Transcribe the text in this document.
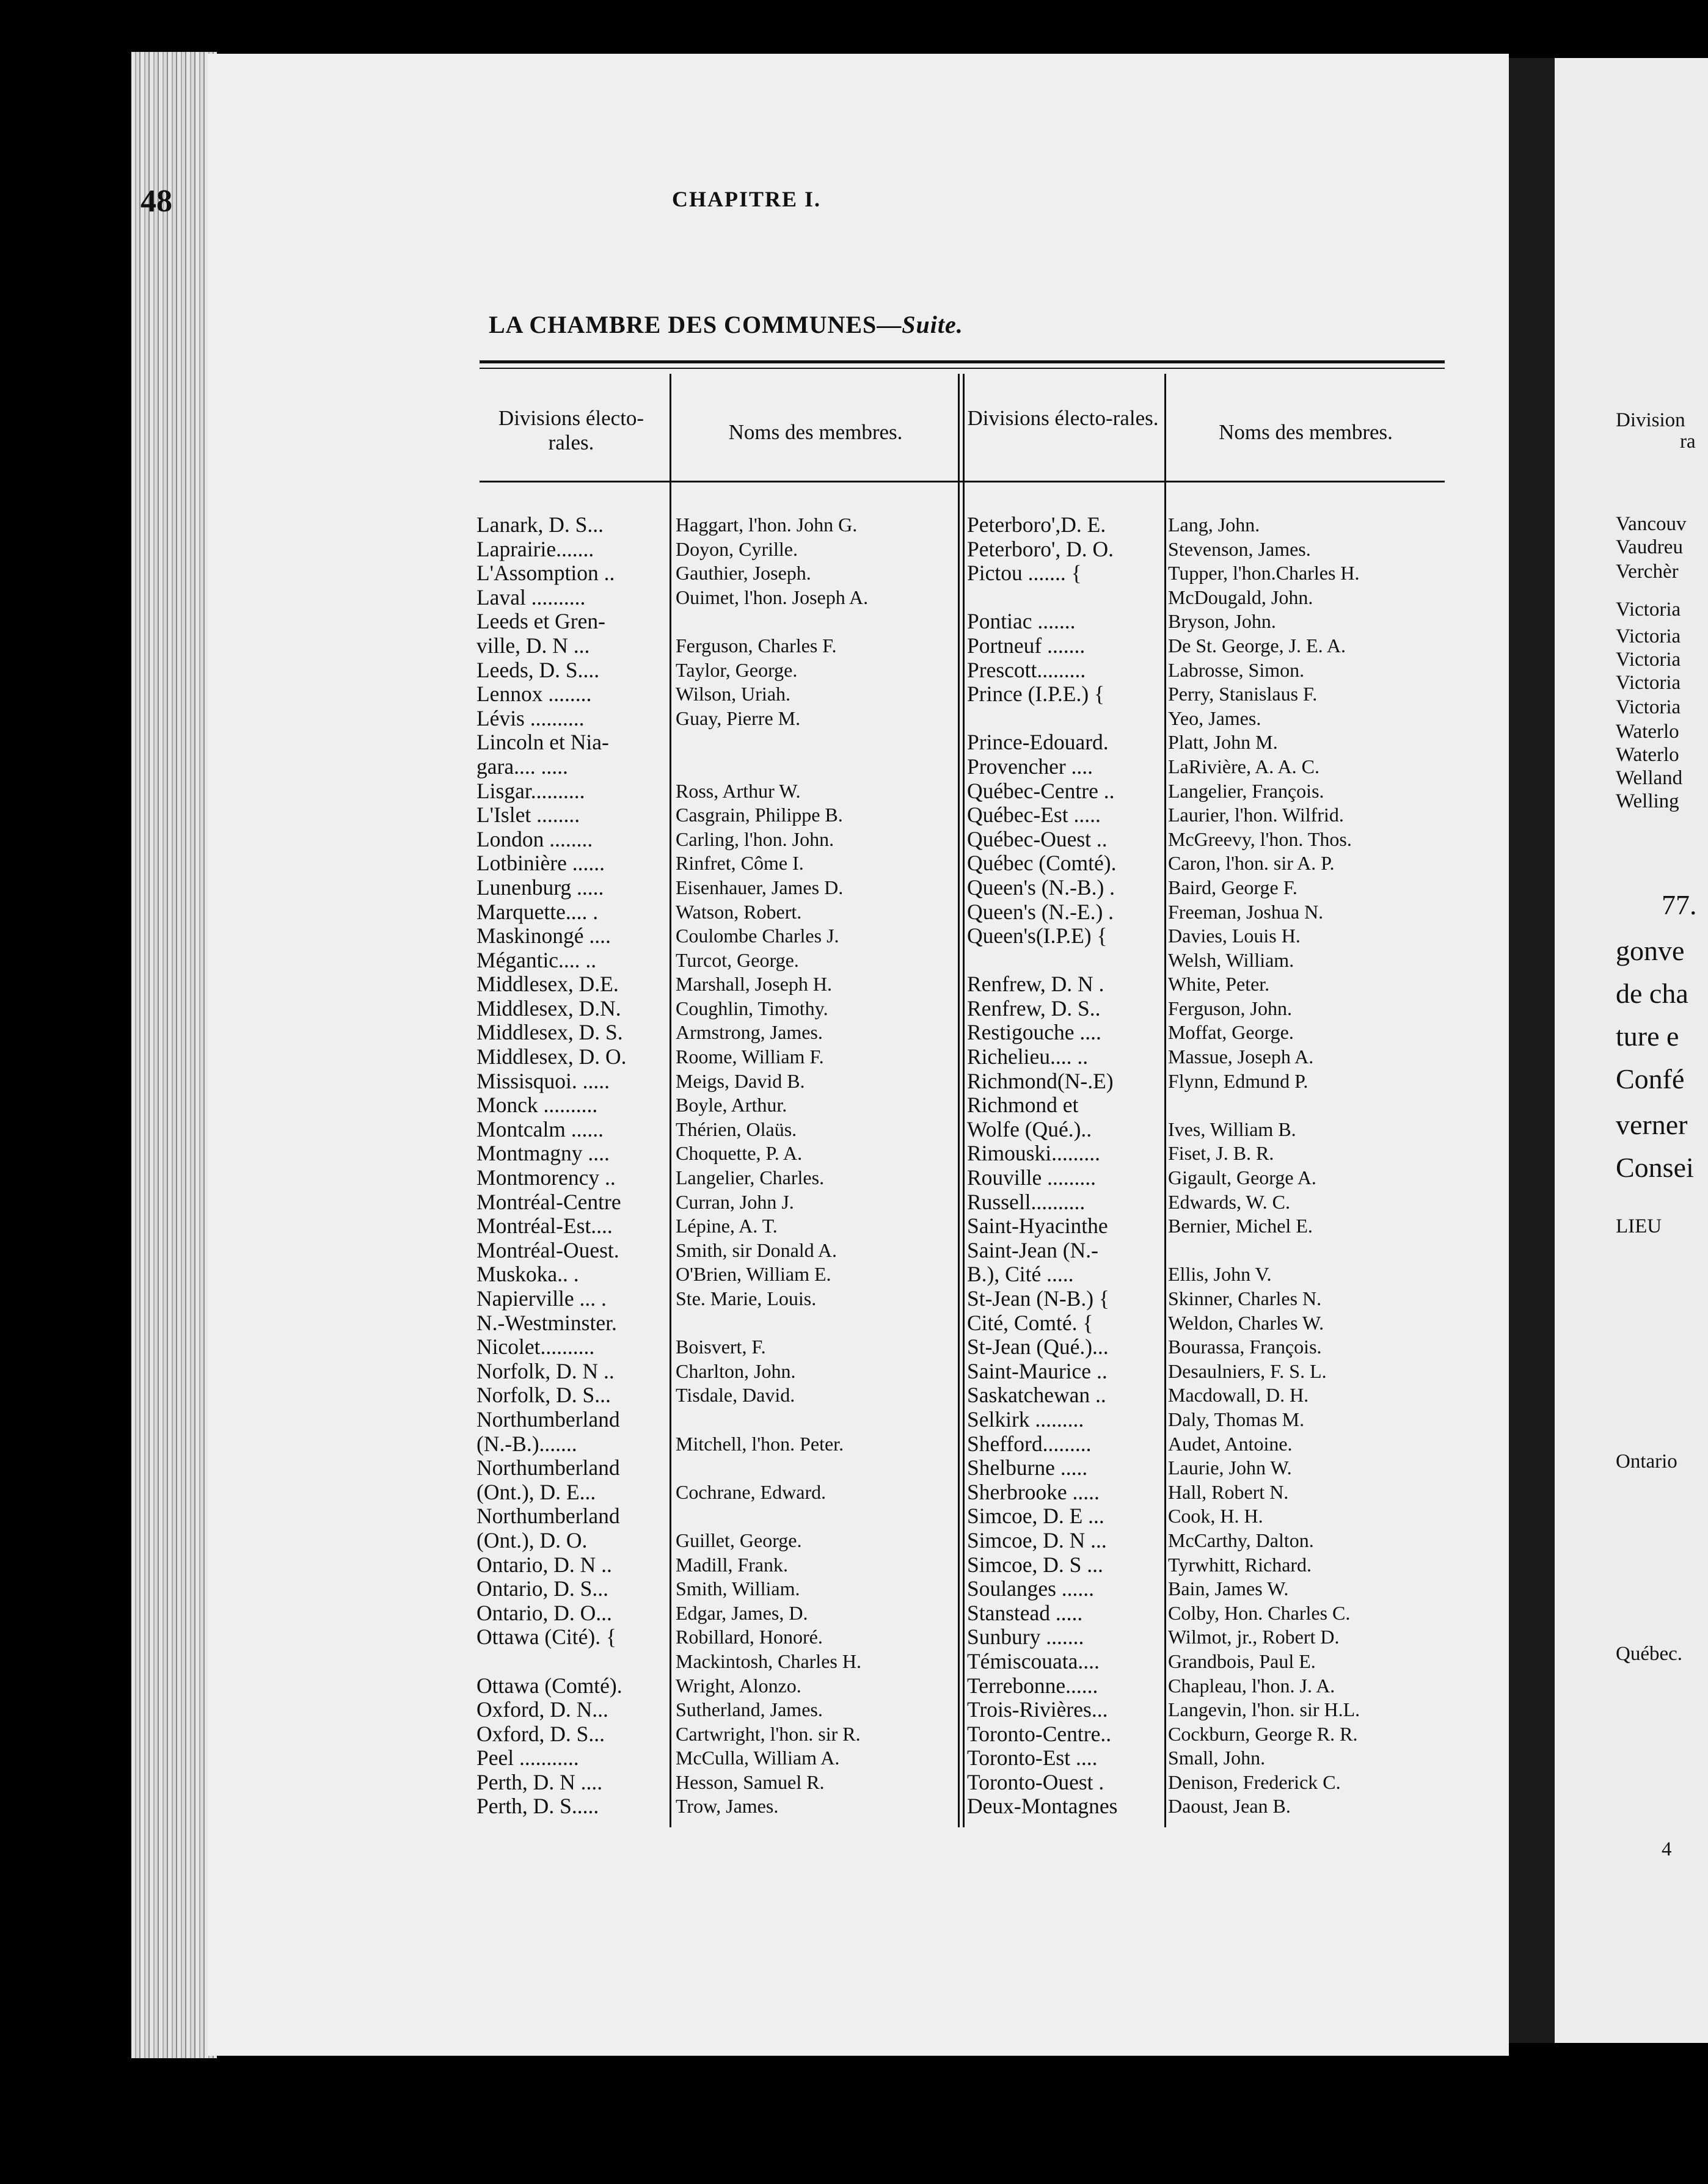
48	CHAPITRE I.
LA CHAMBRE DES COMMUNES—Suite.
Divisions électo-rales.	Noms des membres.
Divisions électo-rales.
Noms des membres.
Lanark, D. S...
Laprairie.......
L'Assomption ..
Laval ..........
Leeds et Gren-
ville, D. N ...
Leeds, D. S....
Lennox ........
Lévis ..........
Lincoln et Nia-
gara.... .....
Lisgar..........
L'Islet ........
London ........
Lotbinière ......
Lunenburg .....
Marquette.... .
Maskinongé ....
Mégantic.... ..
Middlesex, D.E.
Middlesex, D.N.
Middlesex, D. S.
Middlesex, D. O.
Missisquoi. .....
Monck ..........
Montcalm ......
Montmagny ....
Montmorency ..
Montréal-Centre
Montréal-Est....
Montréal-Ouest.
Muskoka.. .
Napierville ... .
N.-Westminster.
Nicolet..........
Norfolk, D. N ..
Norfolk, D. S...
Northumberland
(N.-B.).......
Northumberland
(Ont.), D. E...
Northumberland
(Ont.), D. O.
Ontario, D. N ..
Ontario, D. S...
Ontario, D. O...
Ottawa (Cité). {
Ottawa (Comté).
Oxford, D. N...
Oxford, D. S...
Peel ...........
Perth, D. N ....
Perth, D. S.....
Haggart, l'hon. John G.
Doyon, Cyrille.
Gauthier, Joseph.
Ouimet, l'hon. Joseph A.
Ferguson, Charles F.
Taylor, George.
Wilson, Uriah.
Guay, Pierre M.
Ross, Arthur W.
Casgrain, Philippe B.
Carling, l'hon. John.
Rinfret, Côme I.
Eisenhauer, James D.
Watson, Robert.
Coulombe Charles J.
Turcot, George.
Marshall, Joseph H.
Coughlin, Timothy.
Armstrong, James.
Roome, William F.
Meigs, David B.
Boyle, Arthur.
Thérien, Olaüs.
Choquette, P. A.
Langelier, Charles.
Curran, John J.
Lépine, A. T.
Smith, sir Donald A.
O'Brien, William E.
Ste. Marie, Louis.
Boisvert, F.
Charlton, John.
Tisdale, David.
Mitchell, l'hon. Peter.
Cochrane, Edward.
Guillet, George.
Madill, Frank.
Smith, William.
Edgar, James, D.
Robillard, Honoré.
Mackintosh, Charles H.
Wright, Alonzo.
Sutherland, James.
Cartwright, l'hon. sir R.
McCulla, William A.
Hesson, Samuel R.
Trow, James.
Peterboro',D. E.
Peterboro', D. O.
Pictou ....... {
Pontiac .......
Portneuf .......
Prescott.........
Prince (I.P.E.) {
Prince-Edouard.
Provencher ....
Québec-Centre ..
Québec-Est .....
Québec-Ouest ..
Québec (Comté).
Queen's (N.-B.) .
Queen's (N.-E.) .
Queen's(I.P.E) {
Renfrew, D. N .
Renfrew, D. S..
Restigouche ....
Richelieu.... ..
Richmond(N-.E)
Richmond et
Wolfe (Qué.)..
Rimouski.........
Rouville .........
Russell..........
Saint-Hyacinthe
Saint-Jean (N.-
B.), Cité .....
St-Jean (N-B.) {
Cité, Comté. {
St-Jean (Qué.)...
Saint-Maurice ..
Saskatchewan ..
Selkirk .........
Shefford.........
Shelburne .....
Sherbrooke .....
Simcoe, D. E ...
Simcoe, D. N ...
Simcoe, D. S ...
Soulanges ......
Stanstead .....
Sunbury .......
Témiscouata....
Terrebonne......
Trois-Rivières...
Toronto-Centre..
Toronto-Est ....
Toronto-Ouest .
Deux-Montagnes
Lang, John.
Stevenson, James.
Tupper, l'hon.Charles H.
McDougald, John.
Bryson, John.
De St. George, J. E. A.
Labrosse, Simon.
Perry, Stanislaus F.
Yeo, James.
Platt, John M.
LaRivière, A. A. C.
Langelier, François.
Laurier, l'hon. Wilfrid.
McGreevy, l'hon. Thos.
Caron, l'hon. sir A. P.
Baird, George F.
Freeman, Joshua N.
Davies, Louis H.
Welsh, William.
White, Peter.
Ferguson, John.
Moffat, George.
Massue, Joseph A.
Flynn, Edmund P.
Ives, William B.
Fiset, J. B. R.
Gigault, George A.
Edwards, W. C.
Bernier, Michel E.
Ellis, John V.
Skinner, Charles N.
Weldon, Charles W.
Bourassa, François.
Desaulniers, F. S. L.
Macdowall, D. H.
Daly, Thomas M.
Audet, Antoine.
Laurie, John W.
Hall, Robert N.
Cook, H. H.
McCarthy, Dalton.
Tyrwhitt, Richard.
Bain, James W.
Colby, Hon. Charles C.
Wilmot, jr., Robert D.
Grandbois, Paul E.
Chapleau, l'hon. J. A.
Langevin, l'hon. sir H.L.
Cockburn, George R. R.
Small, John.
Denison, Frederick C.
Daoust, Jean B.
Division
ra
Vancouv
Vaudreu
Verchèr
Victoria
Victoria
Victoria
Victoria
Victoria
Waterlo
Waterlo
Welland
Welling
77.
gonve
de cha
ture e
Confé
verner
Consei
LIEU
Ontario
Québec.
4
